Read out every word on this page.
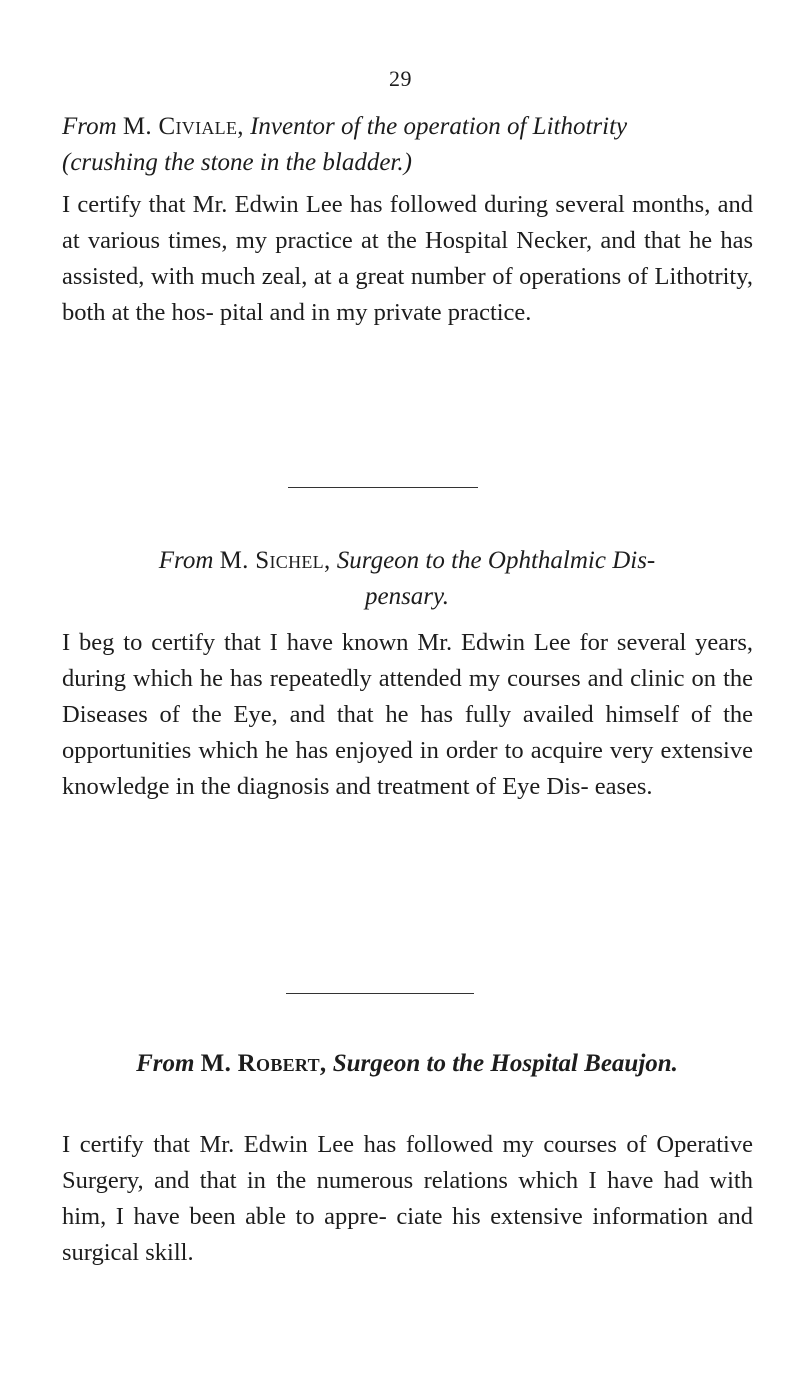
29
From M. Civiale, Inventor of the operation of Lithotrity
(crushing the stone in the bladder.)

I certify that Mr. Edwin Lee has followed during several months, and at various times, my practice at the Hospital Necker, and that he has assisted, with much zeal, at a great number of operations of Lithotrity, both at the hos- pital and in my private practice.

From M. Sichel, Surgeon to the Ophthalmic Dis-
pensary.

I beg to certify that I have known Mr. Edwin Lee for several years, during which he has repeatedly attended my courses and clinic on the Diseases of the Eye, and that he has fully availed himself of the opportunities which he has enjoyed in order to acquire very extensive knowledge in the diagnosis and treatment of Eye Dis- eases.

From M. Robert, Surgeon to the Hospital Beaujon.

I certify that Mr. Edwin Lee has followed my courses of Operative Surgery, and that in the numerous relations which I have had with him, I have been able to appre- ciate his extensive information and surgical skill.
